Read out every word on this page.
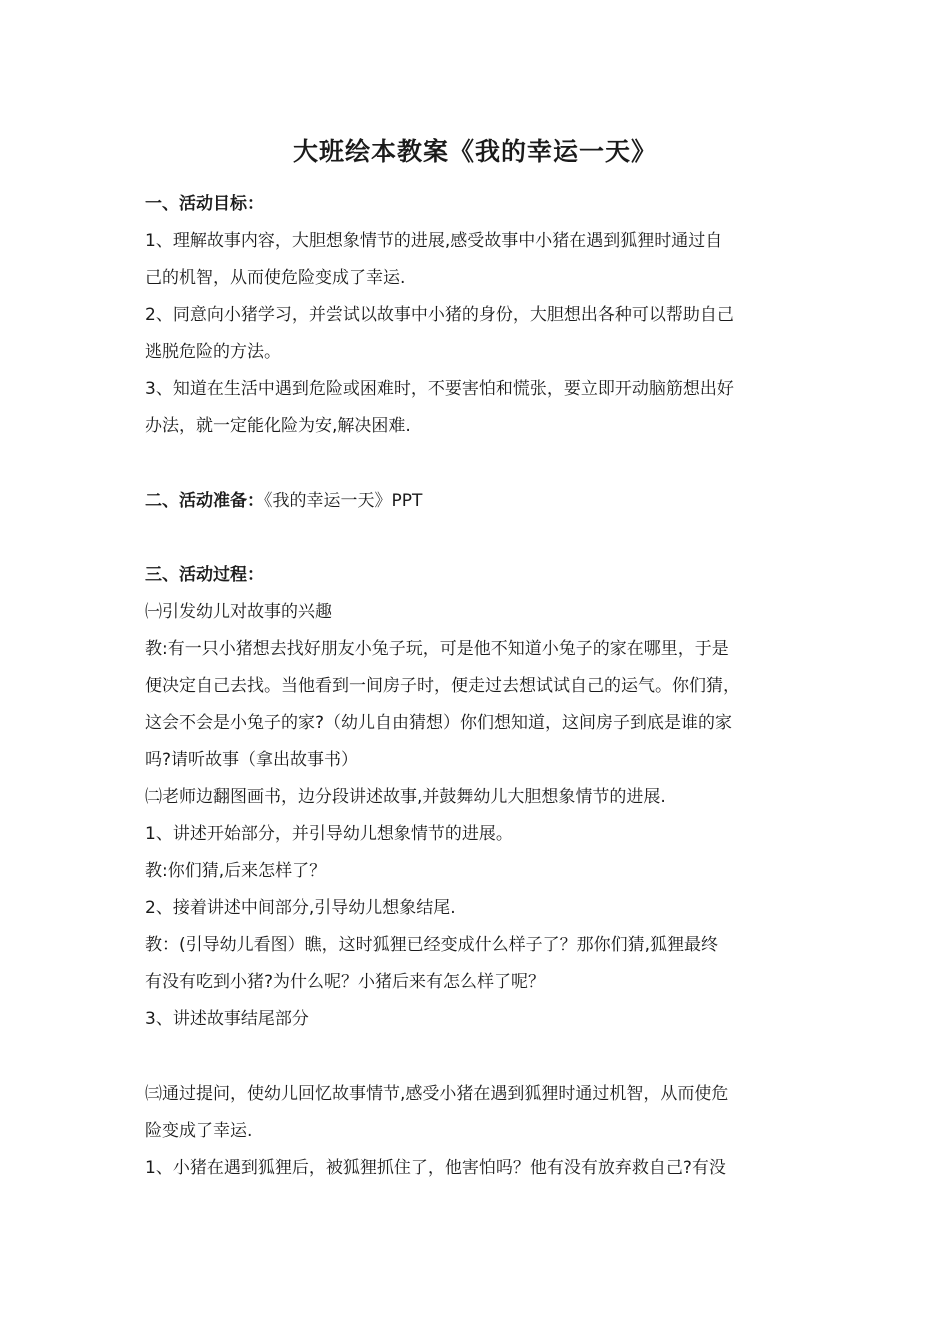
大班绘本教案《我的幸运一天》
一、活动目标：
1、理解故事内容，大胆想象情节的进展,感受故事中小猪在遇到狐狸时通过自
己的机智，从而使危险变成了幸运.
2、同意向小猪学习，并尝试以故事中小猪的身份，大胆想出各种可以帮助自己
逃脱危险的方法。
3、知道在生活中遇到危险或困难时，不要害怕和慌张，要立即开动脑筋想出好
办法，就一定能化险为安,解决困难.
二、活动准备：《我的幸运一天》PPT
三、活动过程：
㈠引发幼儿对故事的兴趣
教:有一只小猪想去找好朋友小兔子玩，可是他不知道小兔子的家在哪里，于是
便决定自己去找。当他看到一间房子时，便走过去想试试自己的运气。你们猜，
这会不会是小兔子的家?（幼儿自由猜想）你们想知道，这间房子到底是谁的家
吗?请听故事（拿出故事书）
㈡老师边翻图画书，边分段讲述故事,并鼓舞幼儿大胆想象情节的进展.
1、讲述开始部分，并引导幼儿想象情节的进展。
教:你们猜,后来怎样了？
2、接着讲述中间部分,引导幼儿想象结尾.
教：(引导幼儿看图）瞧，这时狐狸已经变成什么样子了？那你们猜,狐狸最终
有没有吃到小猪?为什么呢？小猪后来有怎么样了呢？
3、讲述故事结尾部分
㈢通过提问，使幼儿回忆故事情节,感受小猪在遇到狐狸时通过机智，从而使危
险变成了幸运.
1、小猪在遇到狐狸后，被狐狸抓住了，他害怕吗？他有没有放弃救自己?有没
